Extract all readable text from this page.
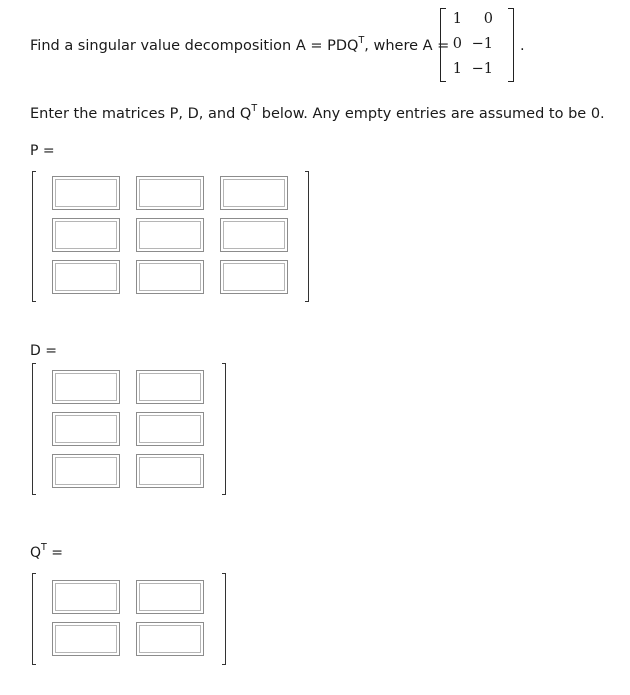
Find a singular value decomposition $A = PDQ^T$, where A =
1	0
0 −1
1 −1
.
Enter the matrices P, D, and $Q^T$ below. Any empty entries are assumed to be 0.
P =
D =
$Q^T$ =
